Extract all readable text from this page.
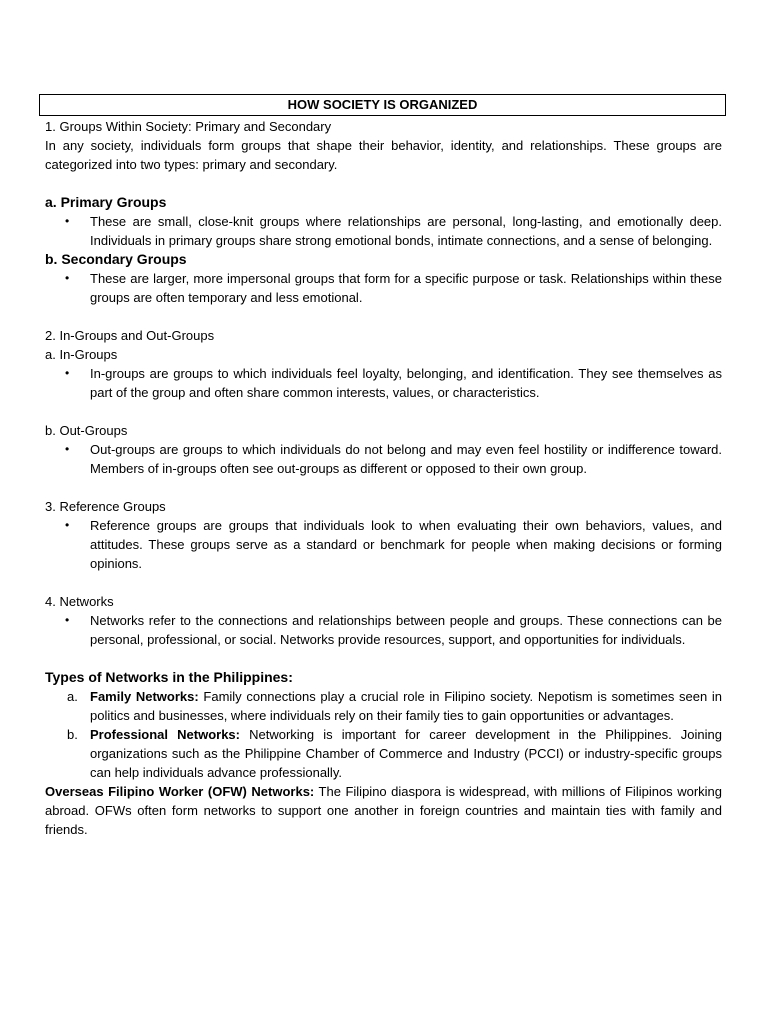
HOW SOCIETY IS ORGANIZED

1. Groups Within Society: Primary and Secondary

In any society, individuals form groups that shape their behavior, identity, and relationships. These groups are categorized into two types: primary and secondary.

a. Primary Groups

• These are small, close-knit groups where relationships are personal, long-lasting, and emotionally deep. Individuals in primary groups share strong emotional bonds, intimate connections, and a sense of belonging.

b. Secondary Groups

• These are larger, more impersonal groups that form for a specific purpose or task. Relationships within these groups are often temporary and less emotional.

2. In-Groups and Out-Groups

a. In-Groups

• In-groups are groups to which individuals feel loyalty, belonging, and identification. They see themselves as part of the group and often share common interests, values, or characteristics.

b. Out-Groups

• Out-groups are groups to which individuals do not belong and may even feel hostility or indifference toward. Members of in-groups often see out-groups as different or opposed to their own group.

3. Reference Groups

• Reference groups are groups that individuals look to when evaluating their own behaviors, values, and attitudes. These groups serve as a standard or benchmark for people when making decisions or forming opinions.

4. Networks

• Networks refer to the connections and relationships between people and groups. These connections can be personal, professional, or social. Networks provide resources, support, and opportunities for individuals.

Types of Networks in the Philippines:

a. Family Networks: Family connections play a crucial role in Filipino society. Nepotism is sometimes seen in politics and businesses, where individuals rely on their family ties to gain opportunities or advantages.
b. Professional Networks: Networking is important for career development in the Philippines. Joining organizations such as the Philippine Chamber of Commerce and Industry (PCCI) or industry-specific groups can help individuals advance professionally.

Overseas Filipino Worker (OFW) Networks: The Filipino diaspora is widespread, with millions of Filipinos working abroad. OFWs often form networks to support one another in foreign countries and maintain ties with family and friends.
